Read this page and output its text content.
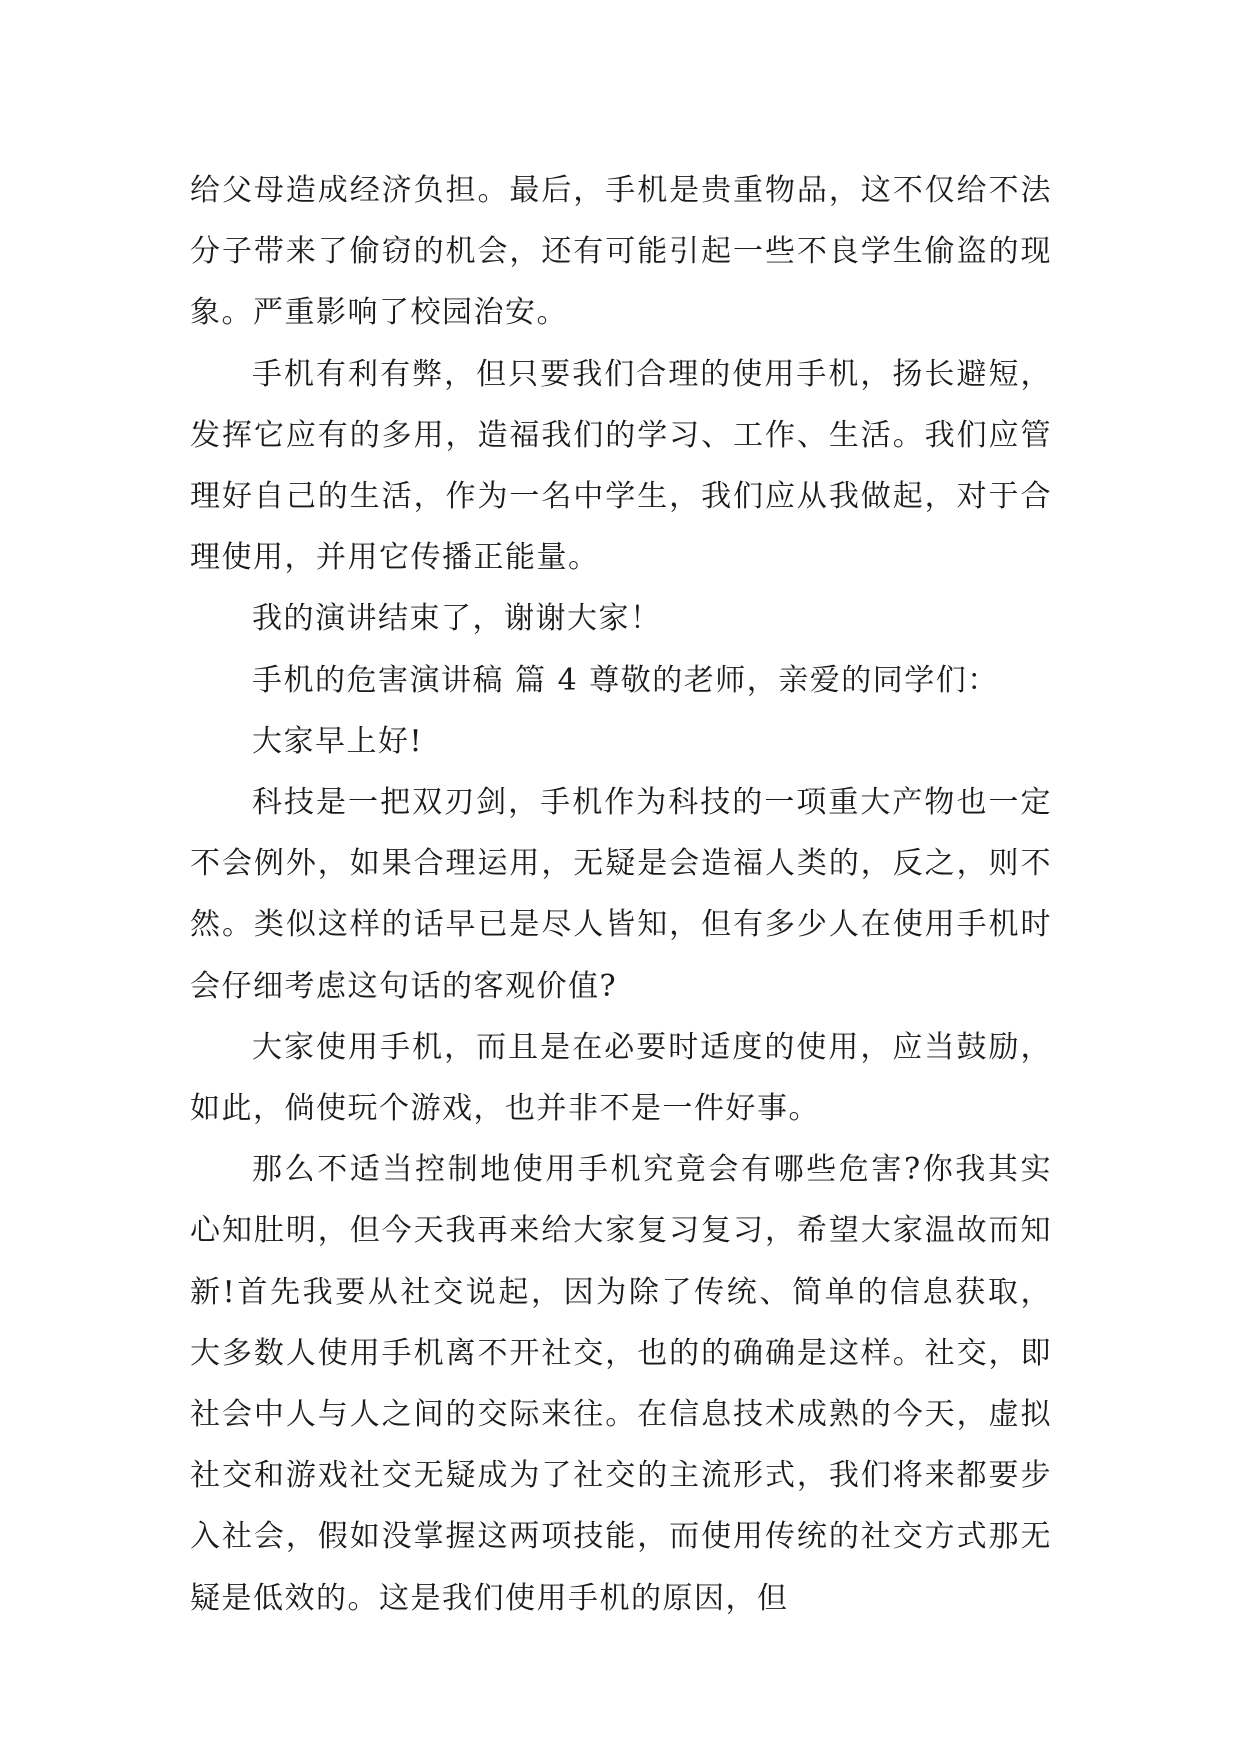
给父母造成经济负担。最后，手机是贵重物品，这不仅给不法分子带来了偷窃的机会，还有可能引起一些不良学生偷盗的现象。严重影响了校园治安。

手机有利有弊，但只要我们合理的使用手机，扬长避短，发挥它应有的多用，造福我们的学习、工作、生活。我们应管理好自己的生活，作为一名中学生，我们应从我做起，对于合理使用，并用它传播正能量。

我的演讲结束了，谢谢大家！

手机的危害演讲稿 篇 4 尊敬的老师，亲爱的同学们：

大家早上好!

科技是一把双刃剑，手机作为科技的一项重大产物也一定不会例外，如果合理运用，无疑是会造福人类的，反之，则不然。类似这样的话早已是尽人皆知，但有多少人在使用手机时会仔细考虑这句话的客观价值?

大家使用手机，而且是在必要时适度的使用，应当鼓励，如此，倘使玩个游戏，也并非不是一件好事。

那么不适当控制地使用手机究竟会有哪些危害?你我其实心知肚明，但今天我再来给大家复习复习，希望大家温故而知新!首先我要从社交说起，因为除了传统、简单的信息获取，大多数人使用手机离不开社交，也的的确确是这样。社交，即社会中人与人之间的交际来往。在信息技术成熟的今天，虚拟社交和游戏社交无疑成为了社交的主流形式，我们将来都要步入社会，假如没掌握这两项技能，而使用传统的社交方式那无疑是低效的。这是我们使用手机的原因，但
